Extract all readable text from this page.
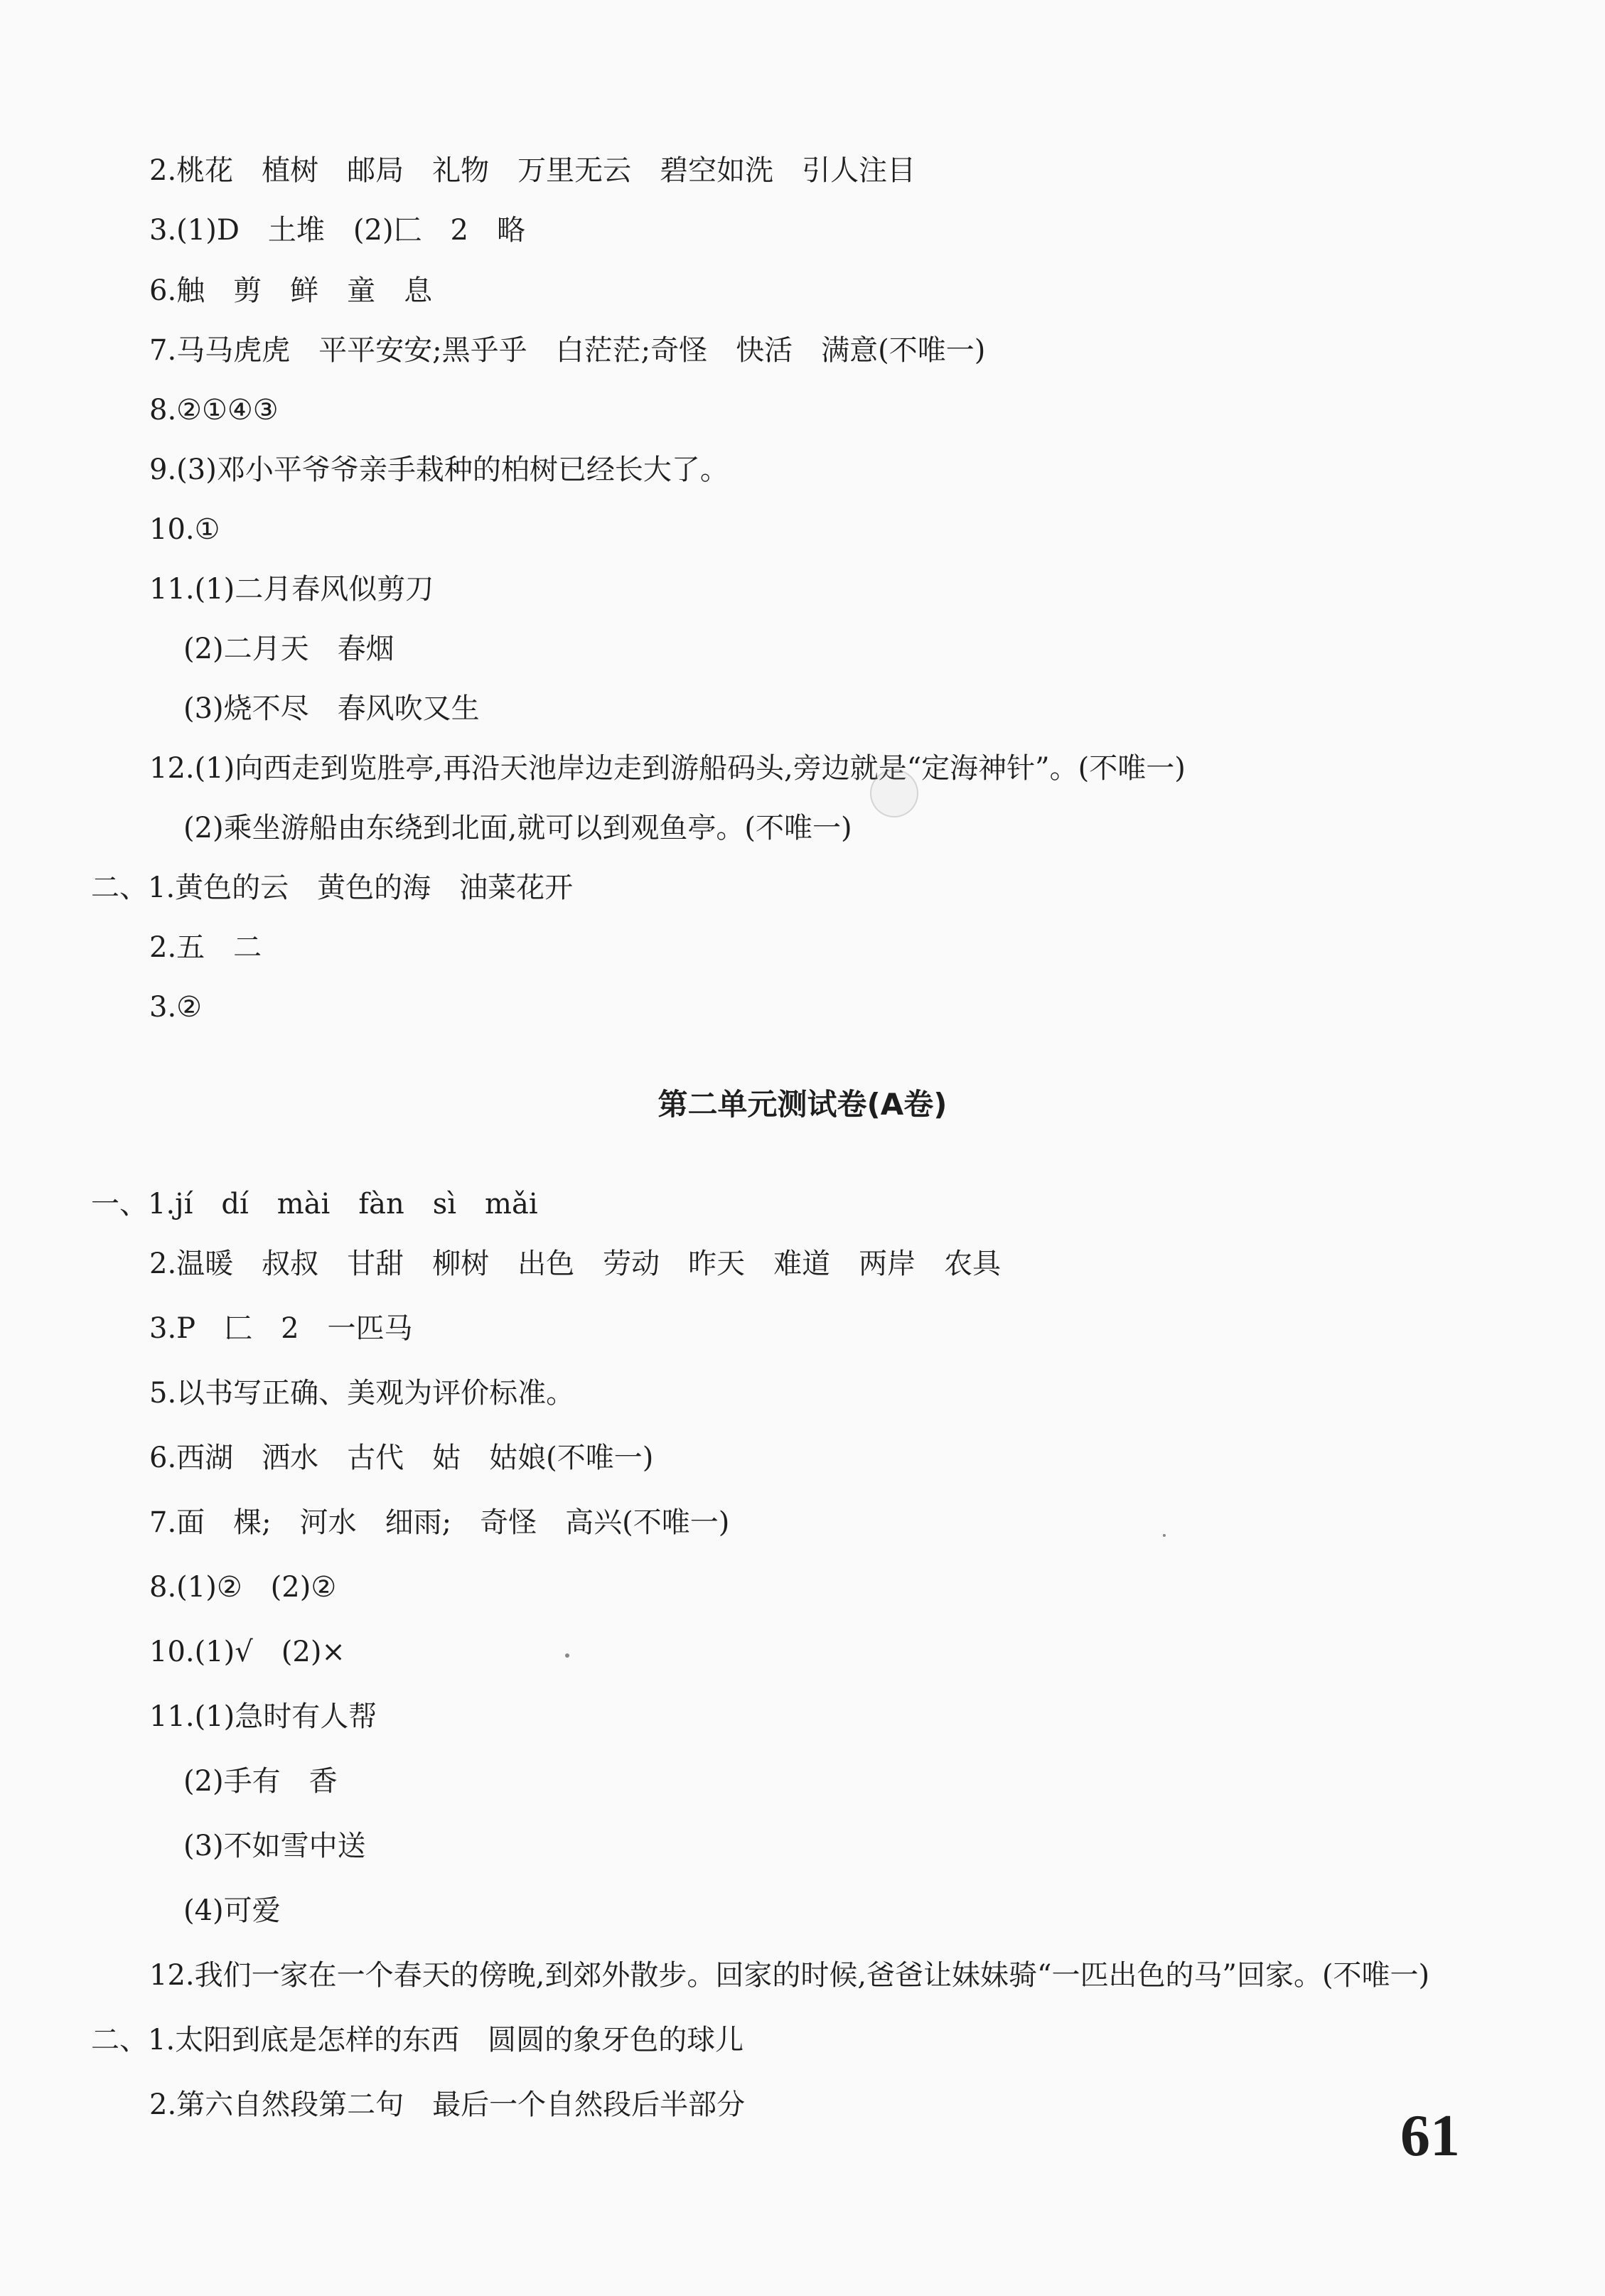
2.桃花　植树　邮局　礼物　万里无云　碧空如洗　引人注目
3.(1)D　土堆　(2)匚　2　略
6.触　剪　鲜　童　息
7.马马虎虎　平平安安;黑乎乎　白茫茫;奇怪　快活　满意(不唯一)
8.②①④③
9.(3)邓小平爷爷亲手栽种的柏树已经长大了。
10.①
11.(1)二月春风似剪刀
(2)二月天　春烟
(3)烧不尽　春风吹又生
12.(1)向西走到览胜亭,再沿天池岸边走到游船码头,旁边就是“定海神针”。(不唯一)
(2)乘坐游船由东绕到北面,就可以到观鱼亭。(不唯一)
二、1.黄色的云　黄色的海　油菜花开
2.五　二
3.②
第二单元测试卷(A卷)
一、1.jí　dí　mài　fàn　sì　mǎi
2.温暖　叔叔　甘甜　柳树　出色　劳动　昨天　难道　两岸　农具
3.P　匚　2　一匹马
5.以书写正确、美观为评价标准。
6.西湖　洒水　古代　姑　姑娘(不唯一)
7.面　棵;　河水　细雨;　奇怪　高兴(不唯一)
8.(1)②　(2)②
10.(1)√　(2)×
11.(1)急时有人帮
(2)手有　香
(3)不如雪中送
(4)可爱
12.我们一家在一个春天的傍晚,到郊外散步。回家的时候,爸爸让妹妹骑“一匹出色的马”回家。(不唯一)
二、1.太阳到底是怎样的东西　圆圆的象牙色的球儿
2.第六自然段第二句　最后一个自然段后半部分	61
